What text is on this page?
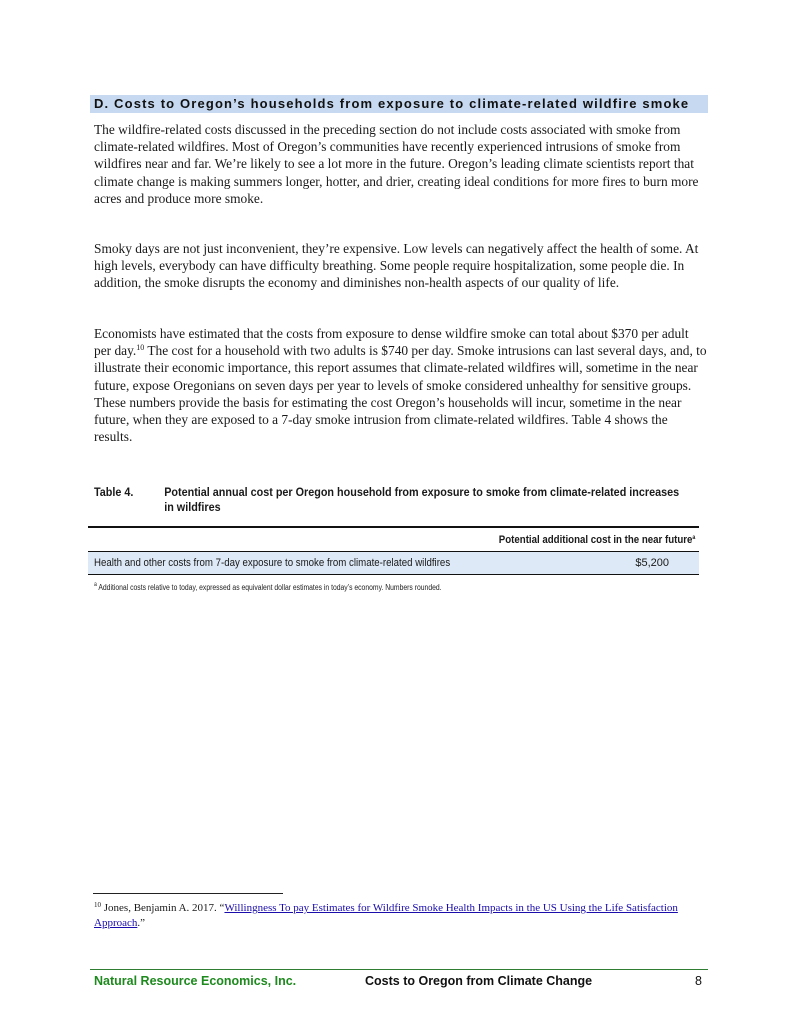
D. Costs to Oregon’s households from exposure to climate-related wildfire smoke

The wildfire-related costs discussed in the preceding section do not include costs associated with smoke from climate-related wildfires. Most of Oregon’s communities have recently experienced intrusions of smoke from wildfires near and far. We’re likely to see a lot more in the future. Oregon’s leading climate scientists report that climate change is making summers longer, hotter, and drier, creating ideal conditions for more fires to burn more acres and produce more smoke.

Smoky days are not just inconvenient, they’re expensive. Low levels can negatively affect the health of some. At high levels, everybody can have difficulty breathing. Some people require hospitalization, some people die. In addition, the smoke disrupts the economy and diminishes non-health aspects of our quality of life.

Economists have estimated that the costs from exposure to dense wildfire smoke can total about $370 per adult per day.$^{10}$ The cost for a household with two adults is $740 per day. Smoke intrusions can last several days, and, to illustrate their economic importance, this report assumes that climate-related wildfires will, sometime in the near future, expose Oregonians on seven days per year to levels of smoke considered unhealthy for sensitive groups. These numbers provide the basis for estimating the cost Oregon’s households will incur, sometime in the near future, when they are exposed to a 7-day smoke intrusion from climate-related wildfires. Table 4 shows the results.

Table 4.	Potential annual cost per Oregon household from exposure to smoke from climate-related increases in wildfires
Potential additional cost in the near future$^a$
Health and other costs from 7-day exposure to smoke from climate-related wildfires	$5,200
$^a$ Additional costs relative to today, expressed as equivalent dollar estimates in today’s economy. Numbers rounded.
$^{10}$ Jones, Benjamin A. 2017. “Willingness To pay Estimates for Wildfire Smoke Health Impacts in the US Using the Life Satisfaction Approach.”
Natural Resource Economics, Inc.	Costs to Oregon from Climate Change	8
